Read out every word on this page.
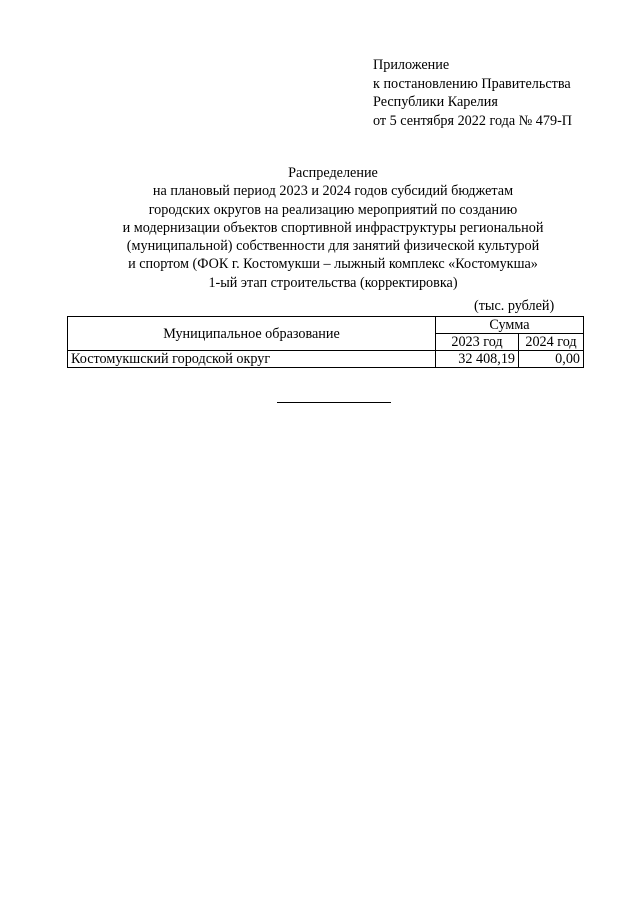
Приложение
к постановлению Правительства
Республики Карелия
от 5 сентября 2022 года № 479-П
Распределение
на плановый период 2023 и 2024 годов субсидий бюджетам
городских округов на реализацию мероприятий по созданию
и модернизации объектов спортивной инфраструктуры региональной
(муниципальной) собственности для занятий физической культурой
и спортом (ФОК г. Костомукши – лыжный комплекс «Костомукша»
1-ый этап строительства (корректировка)
(тыс. рублей)
Муниципальное образование	Сумма	
	2023 год	2024 год
Костомукшский городской округ	32 408,19	0,00
